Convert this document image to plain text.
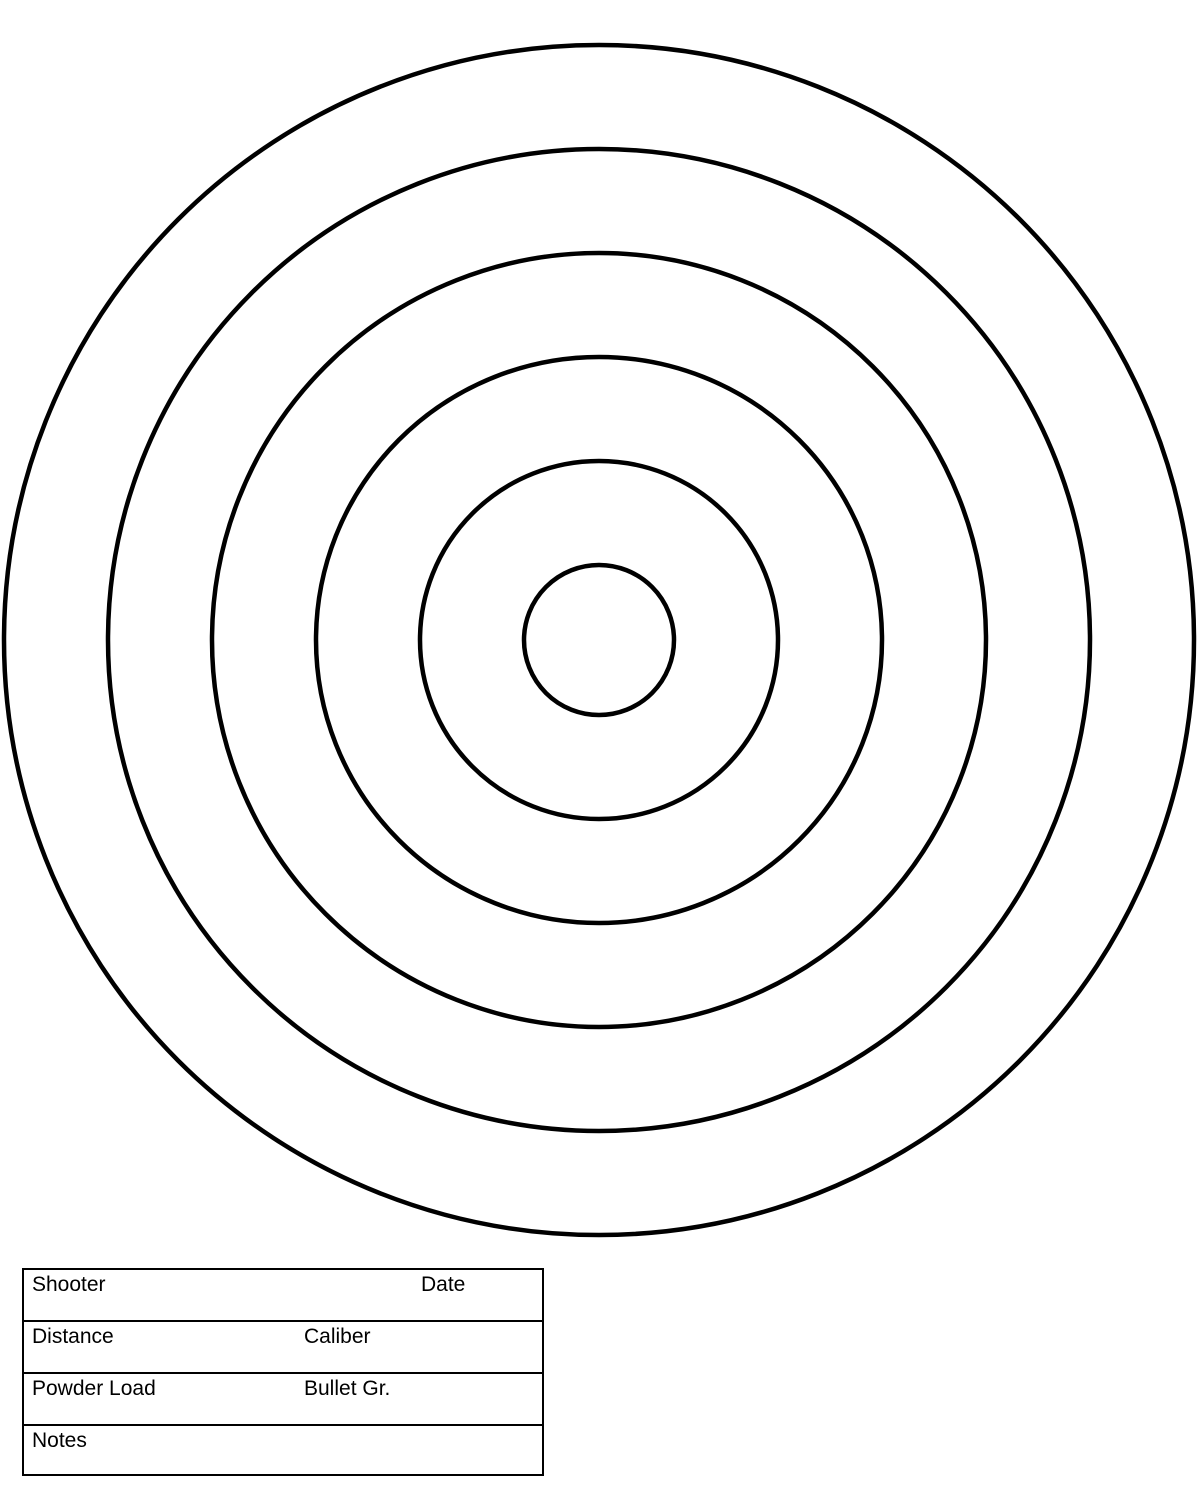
Shooter	Date
Distance	Caliber
Powder Load	Bullet Gr.
Notes
